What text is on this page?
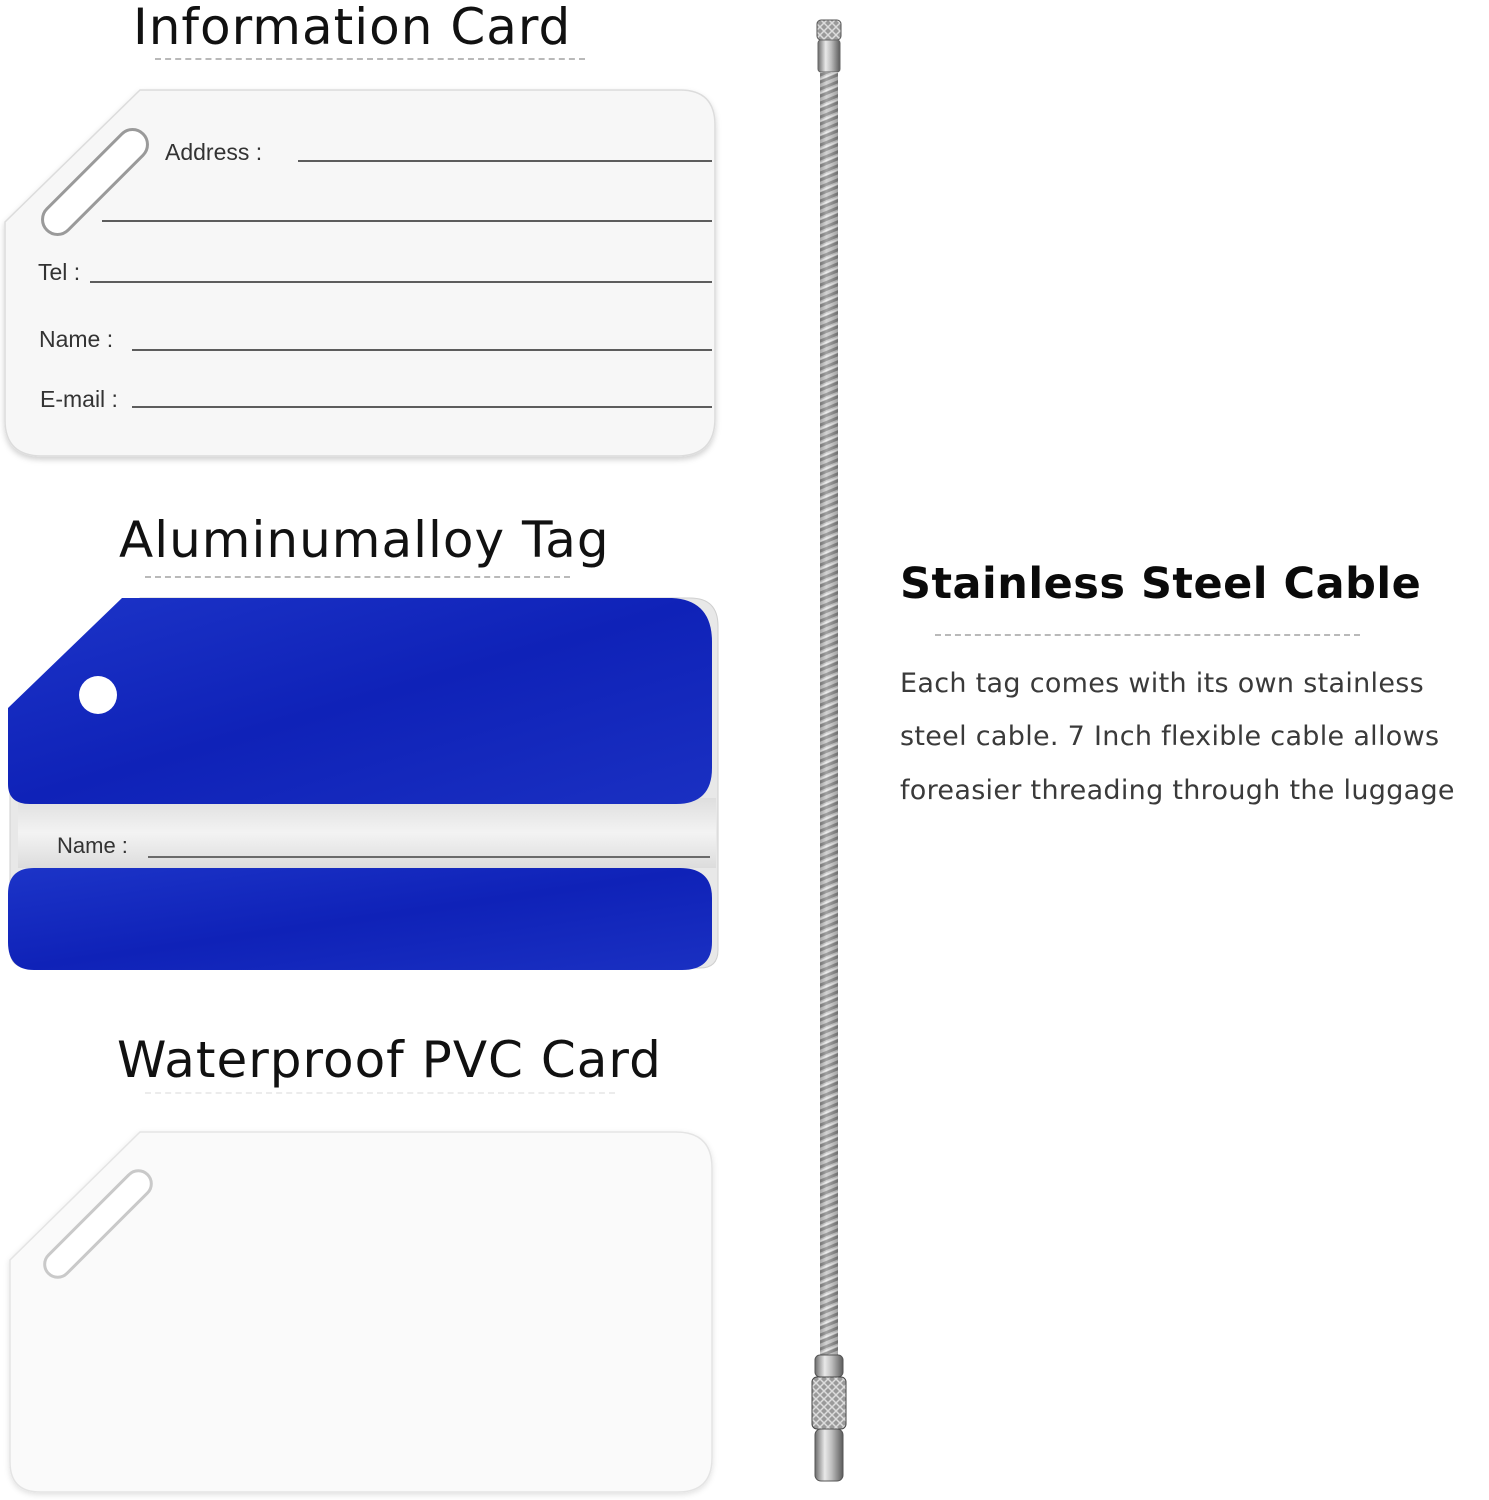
Information Card
Address :
Tel :
Name :
E-mail :
Aluminumalloy Tag
Name :
Waterproof PVC Card
Stainless Steel Cable
Each tag comes with its own stainless
steel cable. 7 Inch flexible cable allows
foreasier threading through the luggage
